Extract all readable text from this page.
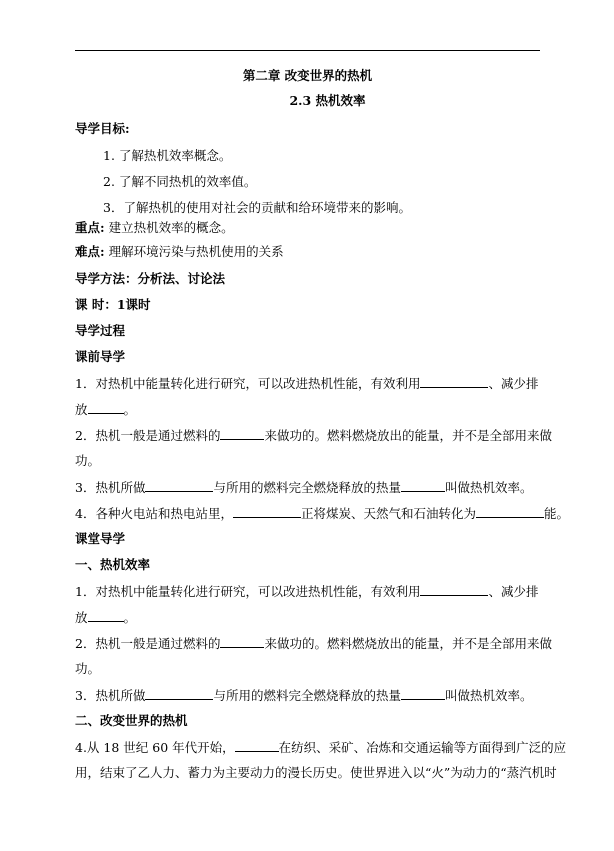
第二章 改变世界的热机
2.3 热机效率
导学目标:
1. 了解热机效率概念。
2. 了解不同热机的效率值。
3．了解热机的使用对社会的贡献和给环境带来的影响。
重点: 建立热机效率的概念。
难点: 理解环境污染与热机使用的关系
导学方法：分析法、讨论法
课 时：1课时
导学过程
课前导学
1．对热机中能量转化进行研究，可以改进热机性能，有效利用	、减少排
放	。
2．热机一般是通过燃料的	来做功的。燃料燃烧放出的能量，并不是全部用来做
功。
3．热机所做	与所用的燃料完全燃烧释放的热量	叫做热机效率。
4．各种火电站和热电站里，	正将煤炭、天然气和石油转化为	能。
课堂导学
一、热机效率
1．对热机中能量转化进行研究，可以改进热机性能，有效利用	、减少排
放	。
2．热机一般是通过燃料的	来做功的。燃料燃烧放出的能量，并不是全部用来做
功。
3．热机所做	与所用的燃料完全燃烧释放的热量	叫做热机效率。
二、改变世界的热机
4.从 18 世纪 60 年代开始，	在纺织、采矿、冶炼和交通运输等方面得到广泛的应
用，结束了乙人力、蓄力为主要动力的漫长历史。使世界进入以“火”为动力的“蒸汽机时
